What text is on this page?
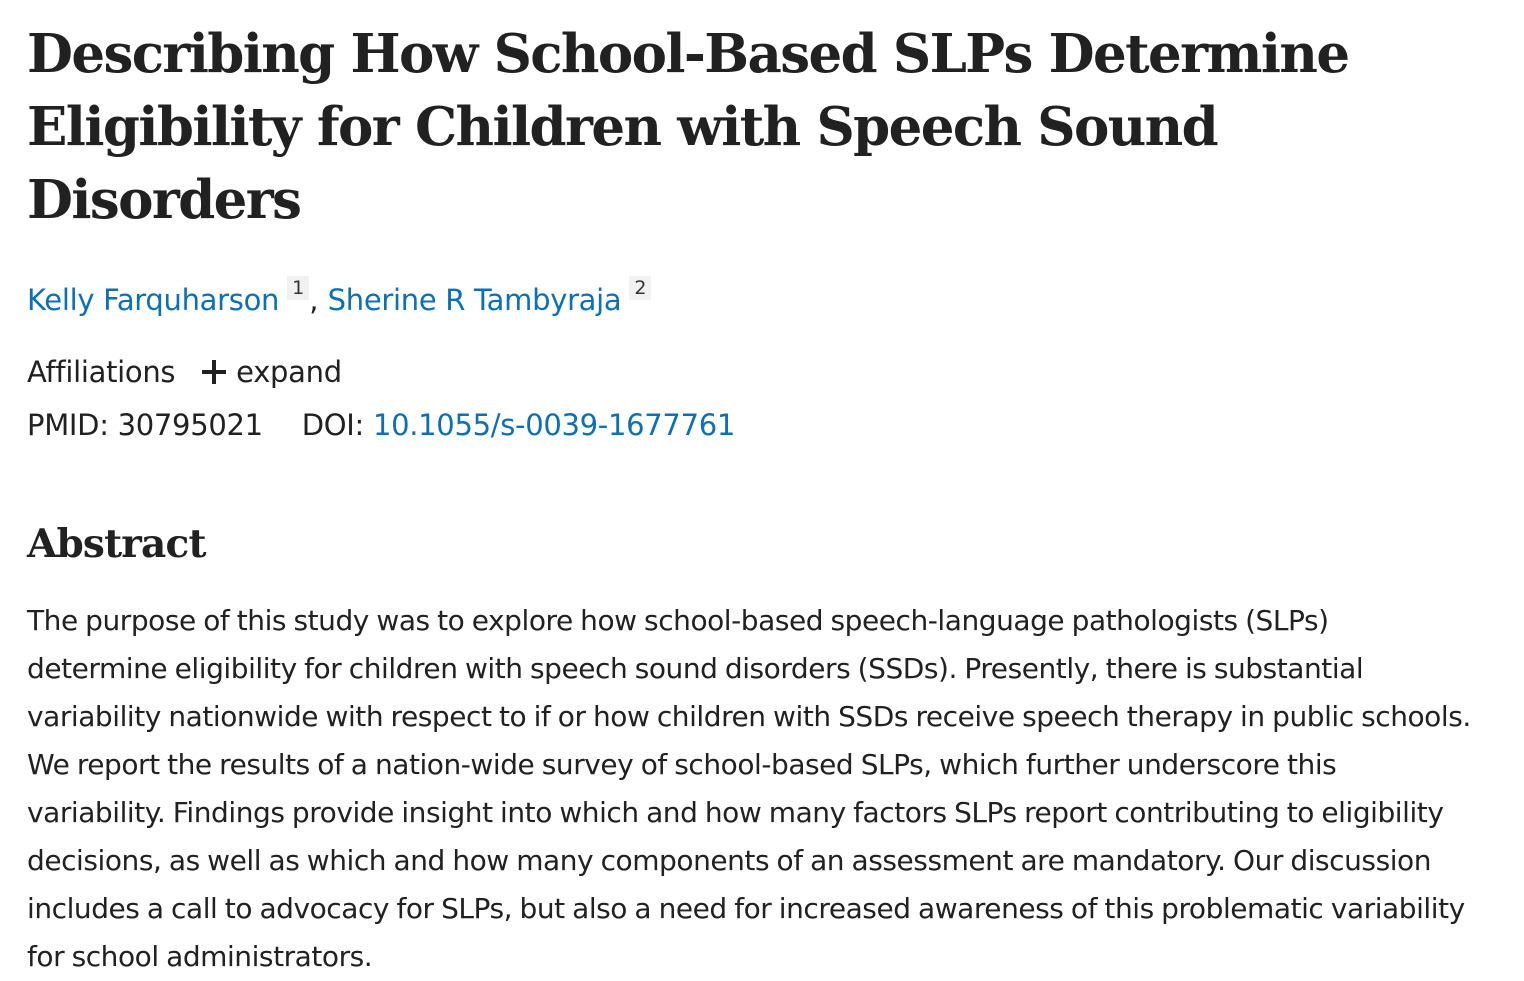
Describing How School-Based SLPs Determine Eligibility for Children with Speech Sound Disorders
Kelly Farquharson 1 , Sherine R Tambyraja 2
Affiliations expand
PMID: 30795021 DOI: 10.1055/s-0039-1677761
Abstract

The purpose of this study was to explore how school-based speech-language pathologists (SLPs) determine eligibility for children with speech sound disorders (SSDs). Presently, there is substantial variability nationwide with respect to if or how children with SSDs receive speech therapy in public schools. We report the results of a nation-wide survey of school-based SLPs, which further underscore this variability. Findings provide insight into which and how many factors SLPs report contributing to eligibility decisions, as well as which and how many components of an assessment are mandatory. Our discussion includes a call to advocacy for SLPs, but also a need for increased awareness of this problematic variability for school administrators.
